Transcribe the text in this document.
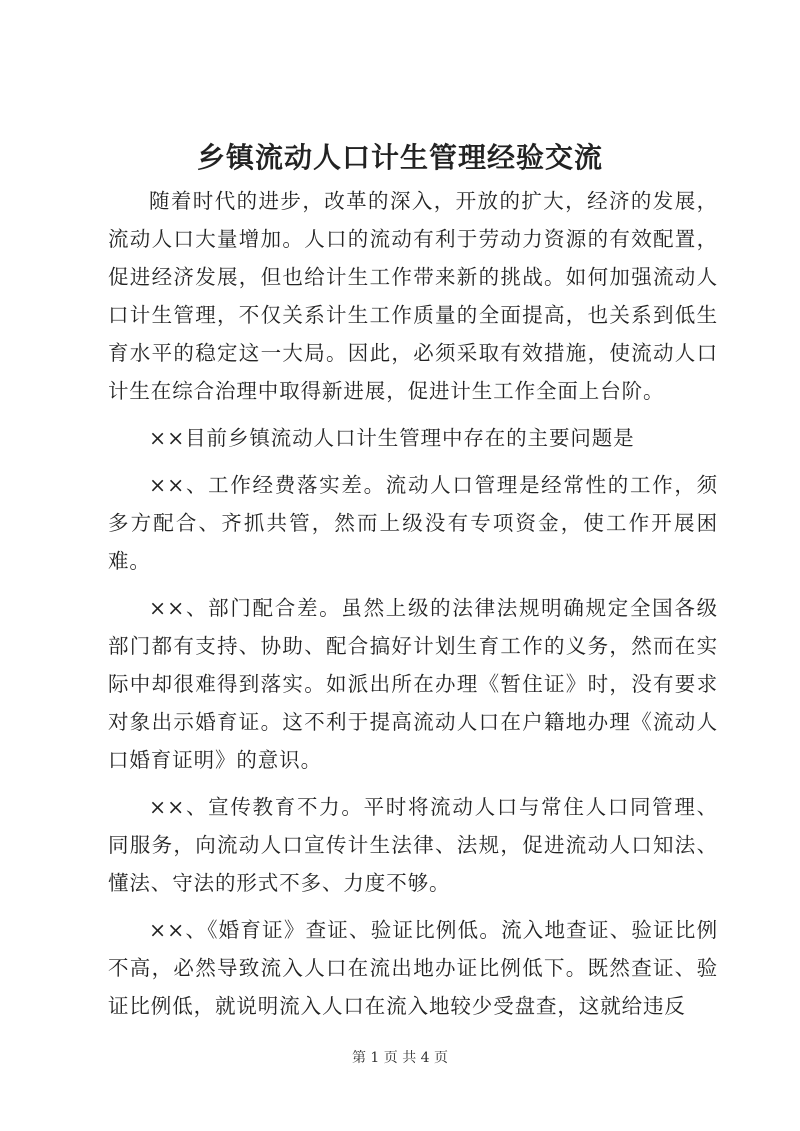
乡镇流动人口计生管理经验交流

随着时代的进步，改革的深入，开放的扩大，经济的发展，流动人口大量增加。人口的流动有利于劳动力资源的有效配置，促进经济发展，但也给计生工作带来新的挑战。如何加强流动人口计生管理，不仅关系计生工作质量的全面提高，也关系到低生育水平的稳定这一大局。因此，必须采取有效措施，使流动人口计生在综合治理中取得新进展，促进计生工作全面上台阶。

××目前乡镇流动人口计生管理中存在的主要问题是

××、工作经费落实差。流动人口管理是经常性的工作，须多方配合、齐抓共管，然而上级没有专项资金，使工作开展困难。

××、部门配合差。虽然上级的法律法规明确规定全国各级部门都有支持、协助、配合搞好计划生育工作的义务，然而在实际中却很难得到落实。如派出所在办理《暂住证》时，没有要求对象出示婚育证。这不利于提高流动人口在户籍地办理《流动人口婚育证明》的意识。

××、宣传教育不力。平时将流动人口与常住人口同管理、同服务，向流动人口宣传计生法律、法规，促进流动人口知法、懂法、守法的形式不多、力度不够。

××、《婚育证》查证、验证比例低。流入地查证、验证比例不高，必然导致流入人口在流出地办证比例低下。既然查证、验证比例低，就说明流入人口在流入地较少受盘查，这就给违反

第 1 页 共 4 页
